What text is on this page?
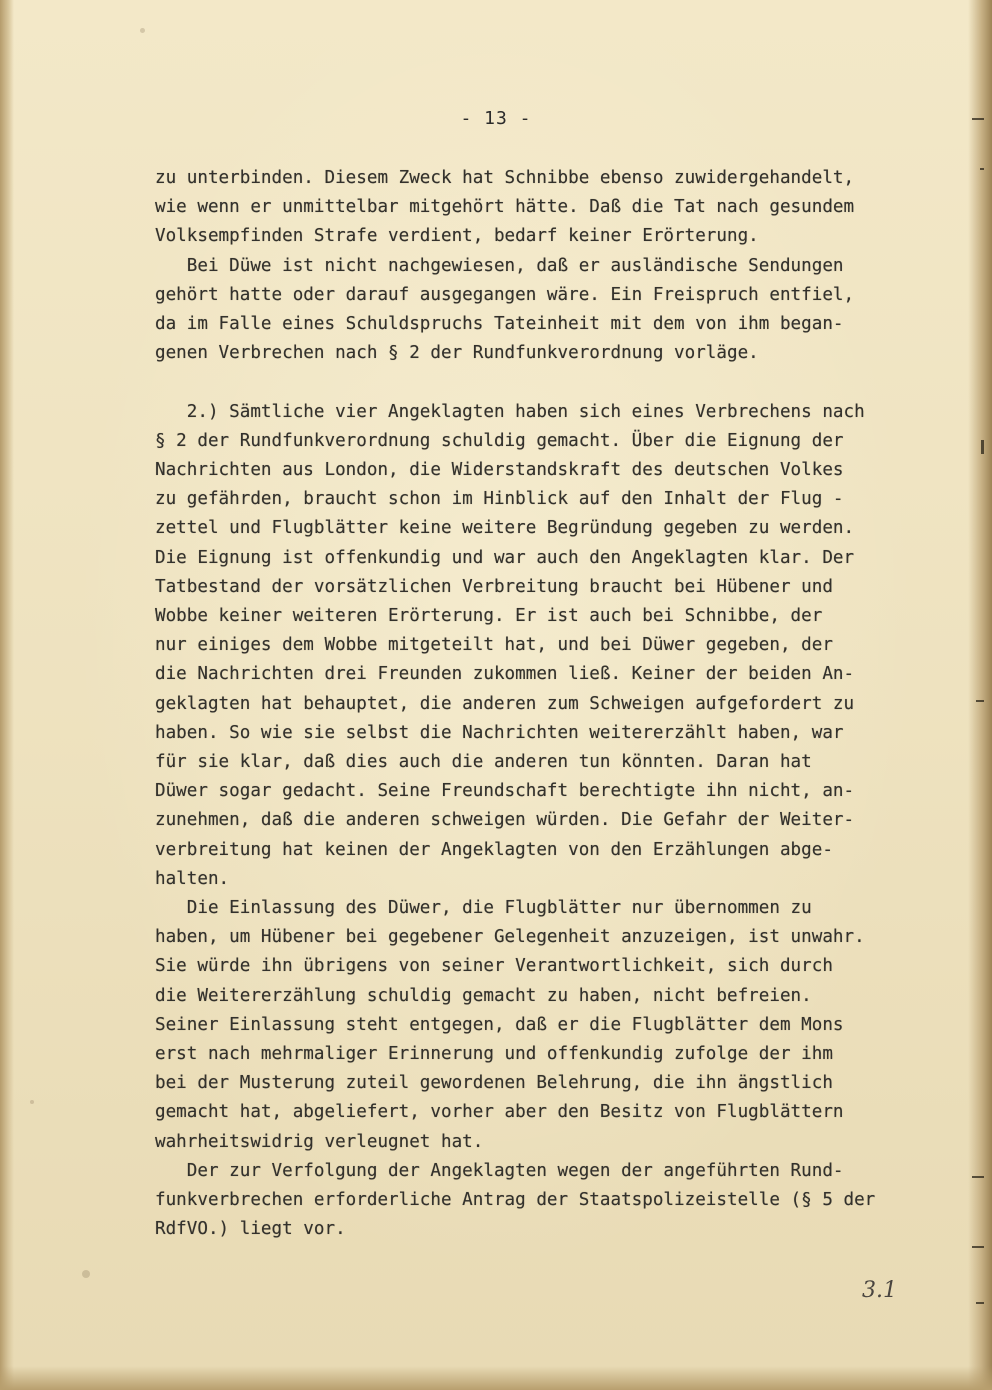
- 13 -
zu unterbinden. Diesem Zweck hat Schnibbe ebenso zuwidergehandelt,
wie wenn er unmittelbar mitgehört hätte. Daß die Tat nach gesundem
Volksempfinden Strafe verdient, bedarf keiner Erörterung.
Bei Düwe ist nicht nachgewiesen, daß er ausländische Sendungen
gehört hatte oder darauf ausgegangen wäre. Ein Freispruch entfiel,
da im Falle eines Schuldspruchs Tateinheit mit dem von ihm began-
genen Verbrechen nach § 2 der Rundfunkverordnung vorläge.
2.) Sämtliche vier Angeklagten haben sich eines Verbrechens nach
§ 2 der Rundfunkverordnung schuldig gemacht. Über die Eignung der
Nachrichten aus London, die Widerstandskraft des deutschen Volkes
zu gefährden, braucht schon im Hinblick auf den Inhalt der Flug -
zettel und Flugblätter keine weitere Begründung gegeben zu werden.
Die Eignung ist offenkundig und war auch den Angeklagten klar. Der
Tatbestand der vorsätzlichen Verbreitung braucht bei Hübener und
Wobbe keiner weiteren Erörterung. Er ist auch bei Schnibbe, der
nur einiges dem Wobbe mitgeteilt hat, und bei Düwer gegeben, der
die Nachrichten drei Freunden zukommen ließ. Keiner der beiden An-
geklagten hat behauptet, die anderen zum Schweigen aufgefordert zu
haben. So wie sie selbst die Nachrichten weitererzählt haben, war
für sie klar, daß dies auch die anderen tun könnten. Daran hat
Düwer sogar gedacht. Seine Freundschaft berechtigte ihn nicht, an-
zunehmen, daß die anderen schweigen würden. Die Gefahr der Weiter-
verbreitung hat keinen der Angeklagten von den Erzählungen abge-
halten.
Die Einlassung des Düwer, die Flugblätter nur übernommen zu
haben, um Hübener bei gegebener Gelegenheit anzuzeigen, ist unwahr.
Sie würde ihn übrigens von seiner Verantwortlichkeit, sich durch
die Weitererzählung schuldig gemacht zu haben, nicht befreien.
Seiner Einlassung steht entgegen, daß er die Flugblätter dem Mons
erst nach mehrmaliger Erinnerung und offenkundig zufolge der ihm
bei der Musterung zuteil gewordenen Belehrung, die ihn ängstlich
gemacht hat, abgeliefert, vorher aber den Besitz von Flugblättern
wahrheitswidrig verleugnet hat.
Der zur Verfolgung der Angeklagten wegen der angeführten Rund-
funkverbrechen erforderliche Antrag der Staatspolizeistelle (§ 5 der
RdfVO.) liegt vor.
3.1
